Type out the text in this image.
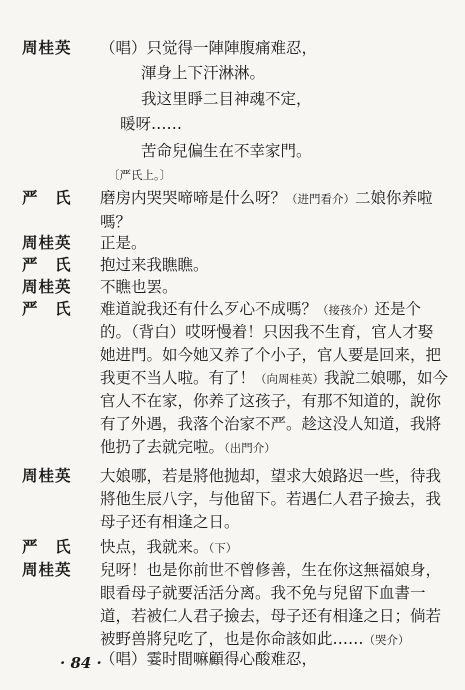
周桂英	（唱）只觉得一陣陣腹痛难忍，
渾身上下汗淋淋。
我这里睜二目神魂不定，
暖呀……
苦命兒偏生在不幸家門。
〔严氏上。〕
严　氏	磨房内哭哭啼啼是什么呀？（进門看介）二娘你养啦
嗎？
周桂英	正是。
严　氏	抱过来我瞧瞧。
周桂英	不瞧也罢。
严　氏	难道說我还有什么歹心不成嗎？（接孩介）还是个
的。（背白）哎呀慢着！只因我不生育，官人才娶
她进門。如今她又养了个小子，官人要是回来，把
我更不当人啦。有了！（向周桂英）我說二娘哪，如今
官人不在家，你养了这孩子，有那不知道的，說你
有了外遇，我落个治家不严。趁这没人知道，我將
他扔了去就完啦。（出門介）
周桂英	大娘哪，若是將他抛却，望求大娘路迟一些，待我
將他生辰八字，与他留下。若遇仁人君子撿去，我
母子还有相逢之日。
严　氏	快点，我就来。（下）
周桂英	兒呀！也是你前世不曾修善，生在你这無福娘身，
眼看母子就要活活分离。我不免与兒留下血書一
道，若被仁人君子撿去，母子还有相逢之日；倘若
被野兽將兒吃了，也是你命該如此……（哭介）
（唱）霎时間嘛顧得心酸难忍，
· 84 ·
